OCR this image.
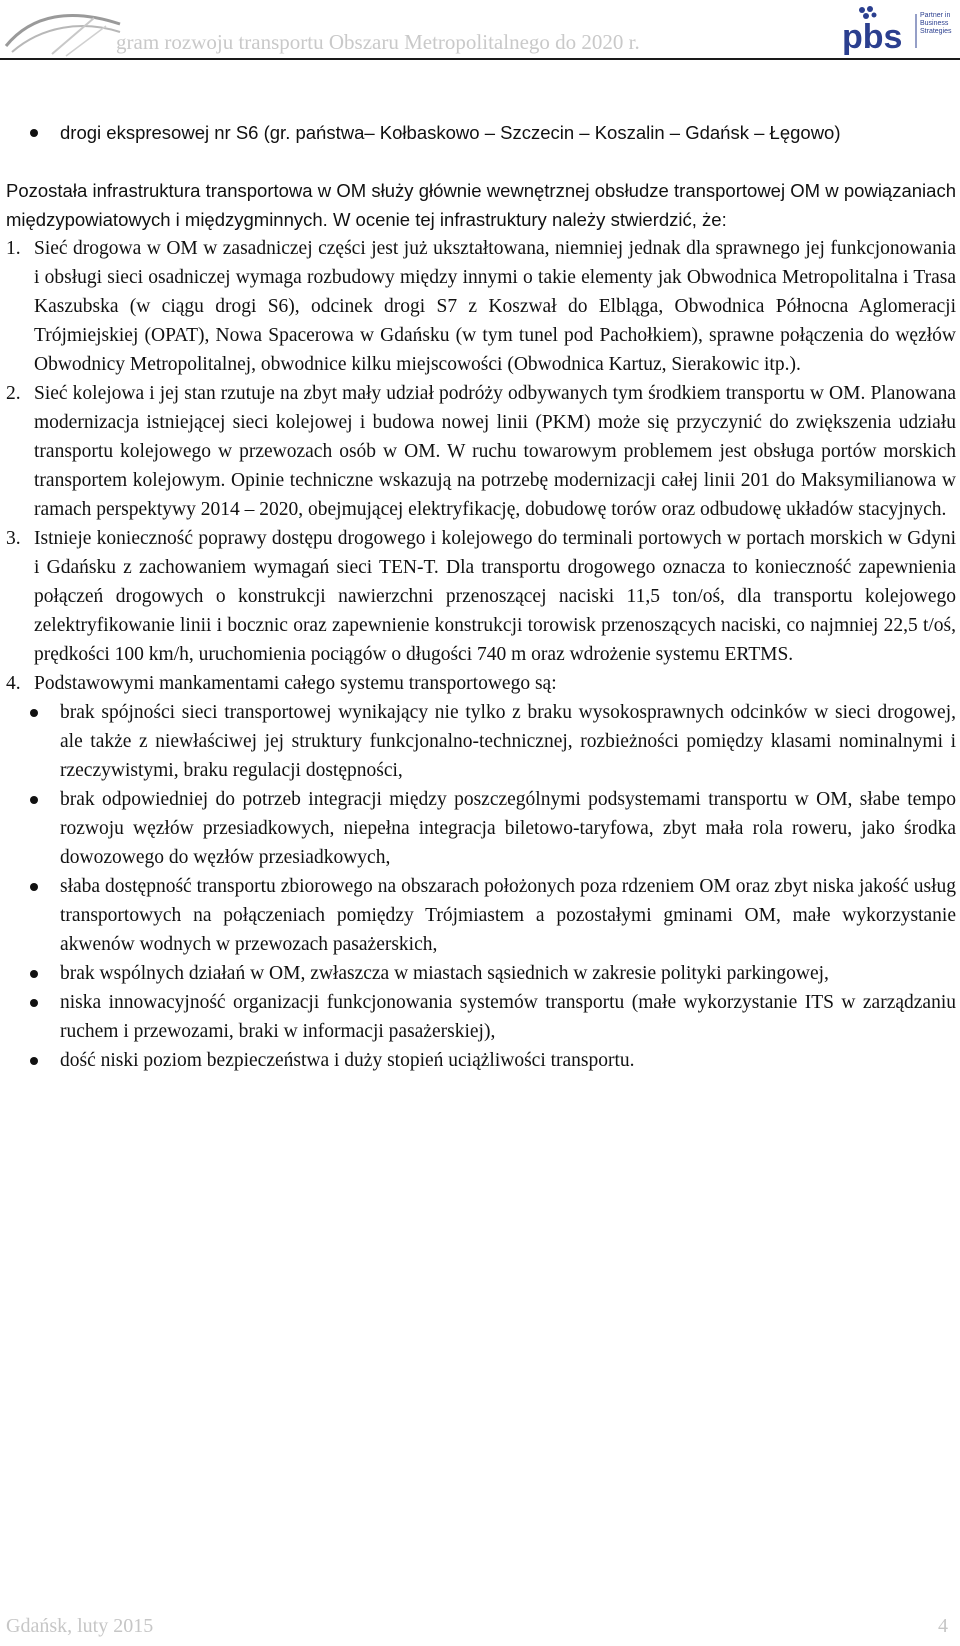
gram rozwoju transportu Obszaru Metropolitalnego do 2020 r.	pbs
Partner in
Business
Strategies
drogi ekspresowej nr S6 (gr. państwa– Kołbaskowo – Szczecin – Koszalin – Gdańsk – Łęgowo)
Pozostała infrastruktura transportowa w OM służy głównie wewnętrznej obsłudze transportowej OM w powiązaniach międzypowiatowych i międzygminnych. W ocenie tej infrastruktury należy stwierdzić, że:
1. Sieć drogowa w OM w zasadniczej części jest już ukształtowana, niemniej jednak dla sprawnego jej funkcjonowania i obsługi sieci osadniczej wymaga rozbudowy między innymi o takie elementy jak Obwodnica Metropolitalna i Trasa Kaszubska (w ciągu drogi S6), odcinek drogi S7 z Koszwał do Elbląga, Obwodnica Północna Aglomeracji Trójmiejskiej (OPAT), Nowa Spacerowa w Gdańsku (w tym tunel pod Pachołkiem), sprawne połączenia do węzłów Obwodnicy Metropolitalnej, obwodnice kilku miejscowości (Obwodnica Kartuz, Sierakowic itp.).
2. Sieć kolejowa i jej stan rzutuje na zbyt mały udział podróży odbywanych tym środkiem transportu w OM. Planowana modernizacja istniejącej sieci kolejowej i budowa nowej linii (PKM) może się przyczynić do zwiększenia udziału transportu kolejowego w przewozach osób w OM. W ruchu towarowym problemem jest obsługa portów morskich transportem kolejowym. Opinie techniczne wskazują na potrzebę modernizacji całej linii 201 do Maksymilianowa w ramach perspektywy 2014 – 2020, obejmującej elektryfikację, dobudowę torów oraz odbudowę układów stacyjnych.
3. Istnieje konieczność poprawy dostępu drogowego i kolejowego do terminali portowych w portach morskich w Gdyni i Gdańsku z zachowaniem wymagań sieci TEN-T. Dla transportu drogowego oznacza to konieczność zapewnienia połączeń drogowych o konstrukcji nawierzchni przenoszącej naciski 11,5 ton/oś, dla transportu kolejowego zelektryfikowanie linii i bocznic oraz zapewnienie konstrukcji torowisk przenoszących naciski, co najmniej 22,5 t/oś, prędkości 100 km/h, uruchomienia pociągów o długości 740 m oraz wdrożenie systemu ERTMS.
4. Podstawowymi mankamentami całego systemu transportowego są:
brak spójności sieci transportowej wynikający nie tylko z braku wysokosprawnych odcinków w sieci drogowej, ale także z niewłaściwej jej struktury funkcjonalno-technicznej, rozbieżności pomiędzy klasami nominalnymi i rzeczywistymi, braku regulacji dostępności,
brak odpowiedniej do potrzeb integracji między poszczególnymi podsystemami transportu w OM, słabe tempo rozwoju węzłów przesiadkowych, niepełna integracja biletowo-taryfowa, zbyt mała rola roweru, jako środka dowozowego do węzłów przesiadkowych,
słaba dostępność transportu zbiorowego na obszarach położonych poza rdzeniem OM oraz zbyt niska jakość usług transportowych na połączeniach pomiędzy Trójmiastem a pozostałymi gminami OM, małe wykorzystanie akwenów wodnych w przewozach pasażerskich,
brak wspólnych działań w OM, zwłaszcza w miastach sąsiednich w zakresie polityki parkingowej,
niska innowacyjność organizacji funkcjonowania systemów transportu (małe wykorzystanie ITS w zarządzaniu ruchem i przewozami, braki w informacji pasażerskiej),
dość niski poziom bezpieczeństwa i duży stopień uciążliwości transportu.
Gdańsk, luty 2015	4
